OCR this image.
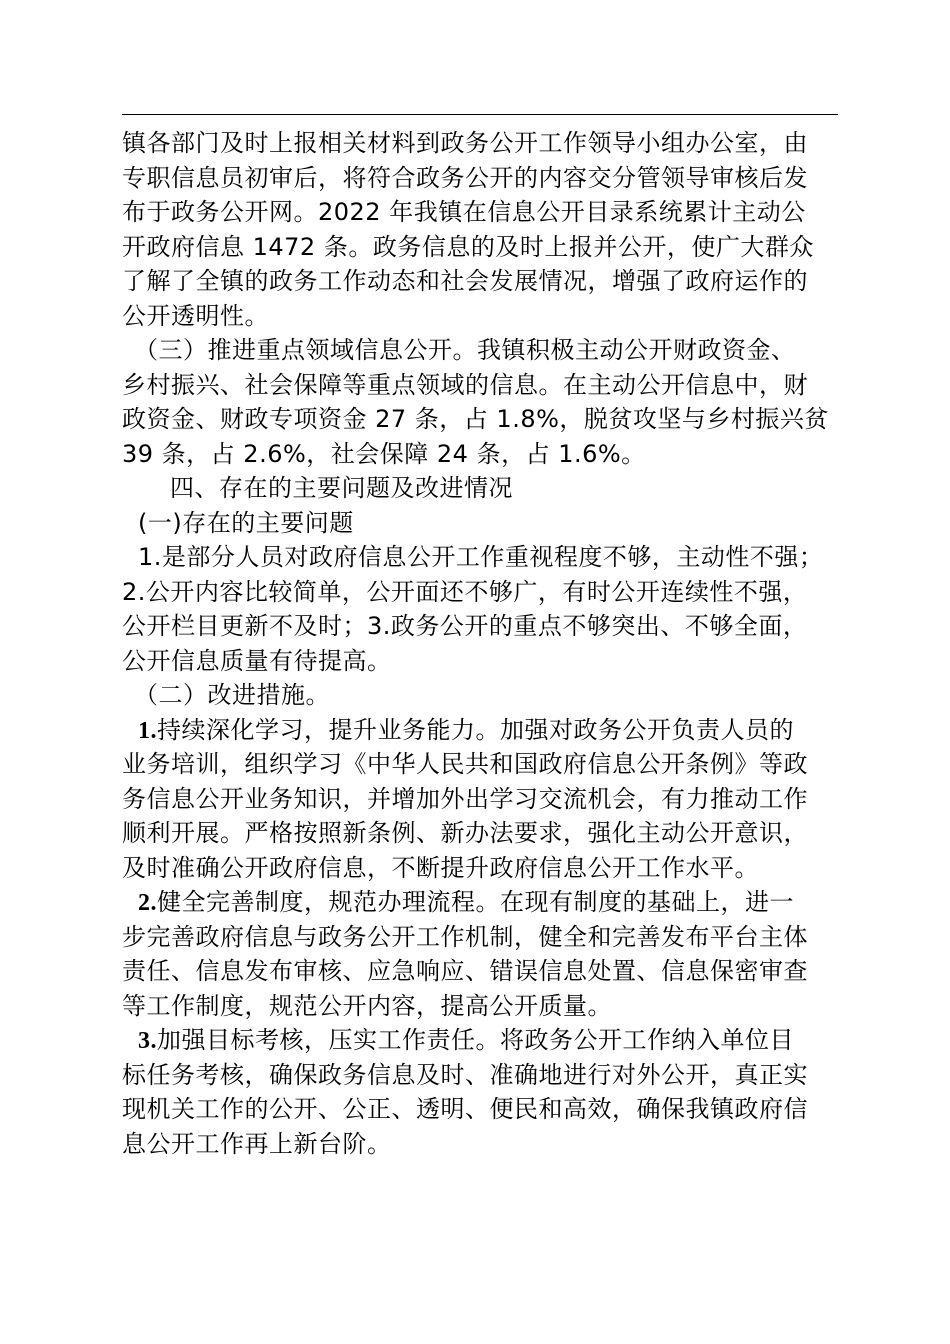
镇各部门及时上报相关材料到政务公开工作领导小组办公室，由
专职信息员初审后，将符合政务公开的内容交分管领导审核后发
布于政务公开网。2022 年我镇在信息公开目录系统累计主动公
开政府信息 1472 条。政务信息的及时上报并公开，使广大群众
了解了全镇的政务工作动态和社会发展情况，增强了政府运作的
公开透明性。
（三）推进重点领域信息公开。我镇积极主动公开财政资金、
乡村振兴、社会保障等重点领域的信息。在主动公开信息中，财
政资金、财政专项资金 27 条，占 1.8%，脱贫攻坚与乡村振兴贫
39 条，占 2.6%，社会保障 24 条，占 1.6%。
四、存在的主要问题及改进情况
(一)存在的主要问题
1.是部分人员对政府信息公开工作重视程度不够，主动性不强；
2.公开内容比较简单，公开面还不够广，有时公开连续性不强，
公开栏目更新不及时；3.政务公开的重点不够突出、不够全面，
公开信息质量有待提高。
（二）改进措施。
1.持续深化学习，提升业务能力。加强对政务公开负责人员的
业务培训，组织学习《中华人民共和国政府信息公开条例》等政
务信息公开业务知识，并增加外出学习交流机会，有力推动工作
顺利开展。严格按照新条例、新办法要求，强化主动公开意识，
及时准确公开政府信息，不断提升政府信息公开工作水平。
2.健全完善制度，规范办理流程。在现有制度的基础上，进一
步完善政府信息与政务公开工作机制，健全和完善发布平台主体
责任、信息发布审核、应急响应、错误信息处置、信息保密审查
等工作制度，规范公开内容，提高公开质量。
3.加强目标考核，压实工作责任。将政务公开工作纳入单位目
标任务考核，确保政务信息及时、准确地进行对外公开，真正实
现机关工作的公开、公正、透明、便民和高效，确保我镇政府信
息公开工作再上新台阶。
